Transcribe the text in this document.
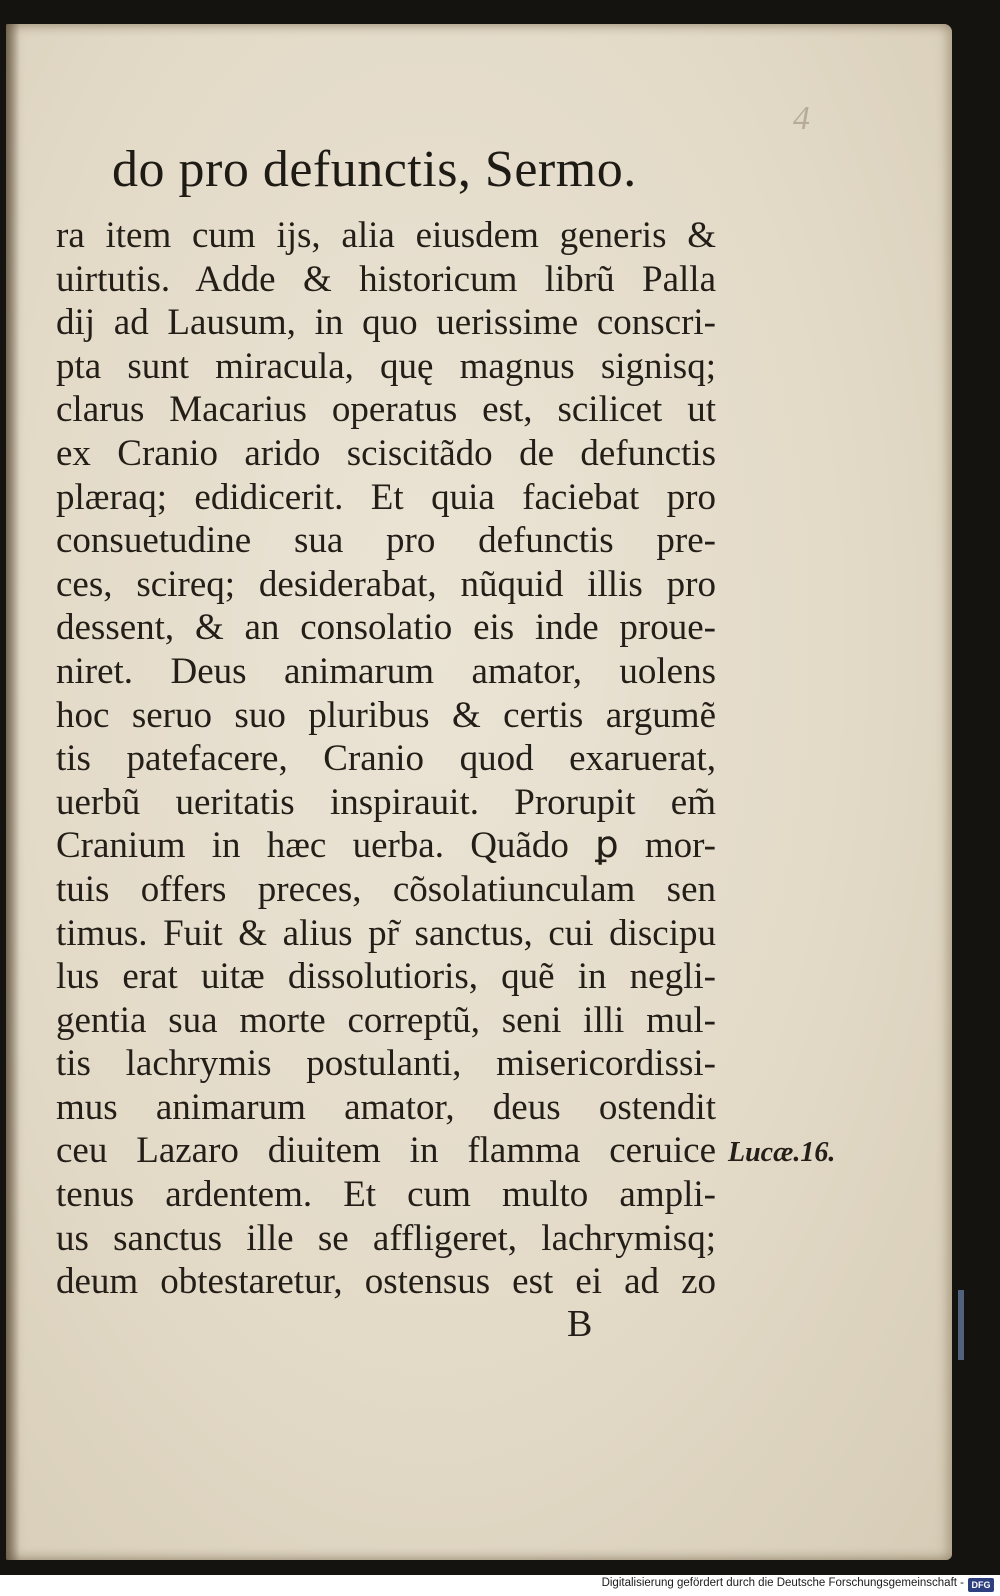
4
do pro defunctis, Sermo.
ra item cum ijs, alia eiusdem generis &
uirtutis. Adde & historicum librũ Palla
dij ad Lausum, in quo uerissime conscri-
pta sunt miracula, quę magnus signisq;
clarus Macarius operatus est, scilicet ut
ex Cranio arido sciscitãdo de defunctis
plæraq; edidicerit. Et quia faciebat pro
consuetudine sua pro defunctis pre-
ces, scireq; desiderabat, nũquid illis pro
dessent, & an consolatio eis inde proue-
niret. Deus animarum amator, uolens
hoc seruo suo pluribus & certis argumẽ
tis patefacere, Cranio quod exaruerat,
uerbũ ueritatis inspirauit. Prorupit em̃
Cranium in hæc uerba. Quãdo ꝑ mor-
tuis offers preces, cõsolatiunculam sen
timus. Fuit & alius pr̃ sanctus, cui discipu
lus erat uitæ dissolutioris, quẽ in negli-
gentia sua morte correptũ, seni illi mul-
tis lachrymis postulanti, misericordissi-
mus animarum amator, deus ostendit
ceu Lazaro diuitem in flamma ceruice
tenus ardentem. Et cum multo ampli-
us sanctus ille se affligeret, lachrymisq;
deum obtestaretur, ostensus est ei ad zo
Lucæ.16.
B
Digitalisierung gefördert durch die Deutsche Forschungsgemeinschaft - DFG
